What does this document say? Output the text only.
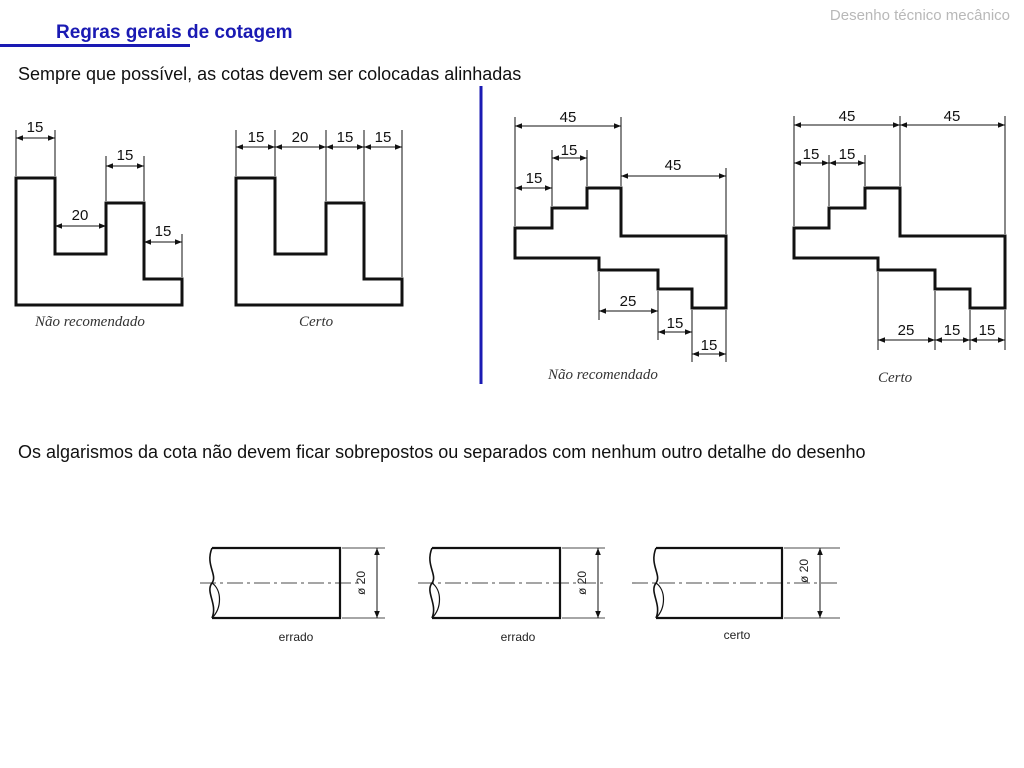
Desenho técnico mecânico
Regras gerais de cotagem
Sempre que possível, as cotas devem ser colocadas alinhadas
Os algarismos da cota não devem ficar sobrepostos ou separados com nenhum outro detalhe do desenho
15
20
15
15
Não recomendado
15 20 15 15
Certo
45
15
15
45
25
15
15
Não recomendado
45	45
15 15
25 15 15
Certo
ø 20
errado
ø 20
errado
ø 20
certo
